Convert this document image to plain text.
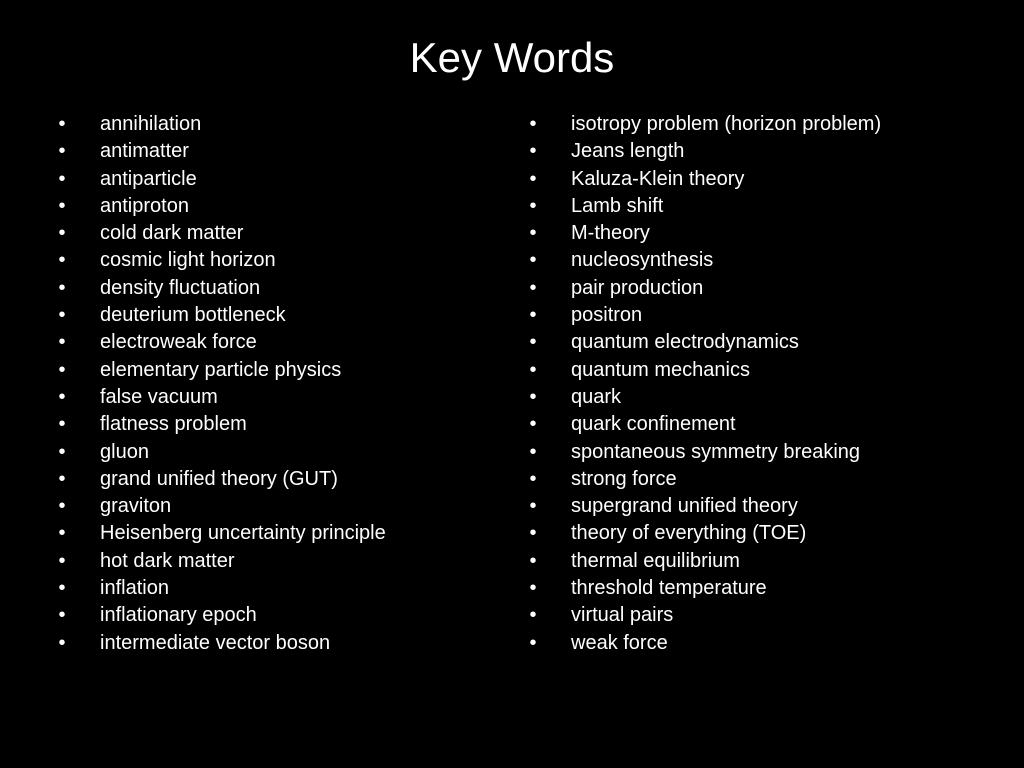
Key Words
•	annihilation
•	antimatter
•	antiparticle
•	antiproton
•	cold dark matter
•	cosmic light horizon
•	density fluctuation
•	deuterium bottleneck
•	electroweak force
•	elementary particle physics
•	false vacuum
•	flatness problem
•	gluon
•	grand unified theory (GUT)
•	graviton
•	Heisenberg uncertainty principle
•	hot dark matter
•	inflation
•	inflationary epoch
•	intermediate vector boson
•	isotropy problem (horizon problem)
•	Jeans length
•	Kaluza-Klein theory
•	Lamb shift
•	M-theory
•	nucleosynthesis
•	pair production
•	positron
•	quantum electrodynamics
•	quantum mechanics
•	quark
•	quark confinement
•	spontaneous symmetry breaking
•	strong force
•	supergrand unified theory
•	theory of everything (TOE)
•	thermal equilibrium
•	threshold temperature
•	virtual pairs
•	weak force
